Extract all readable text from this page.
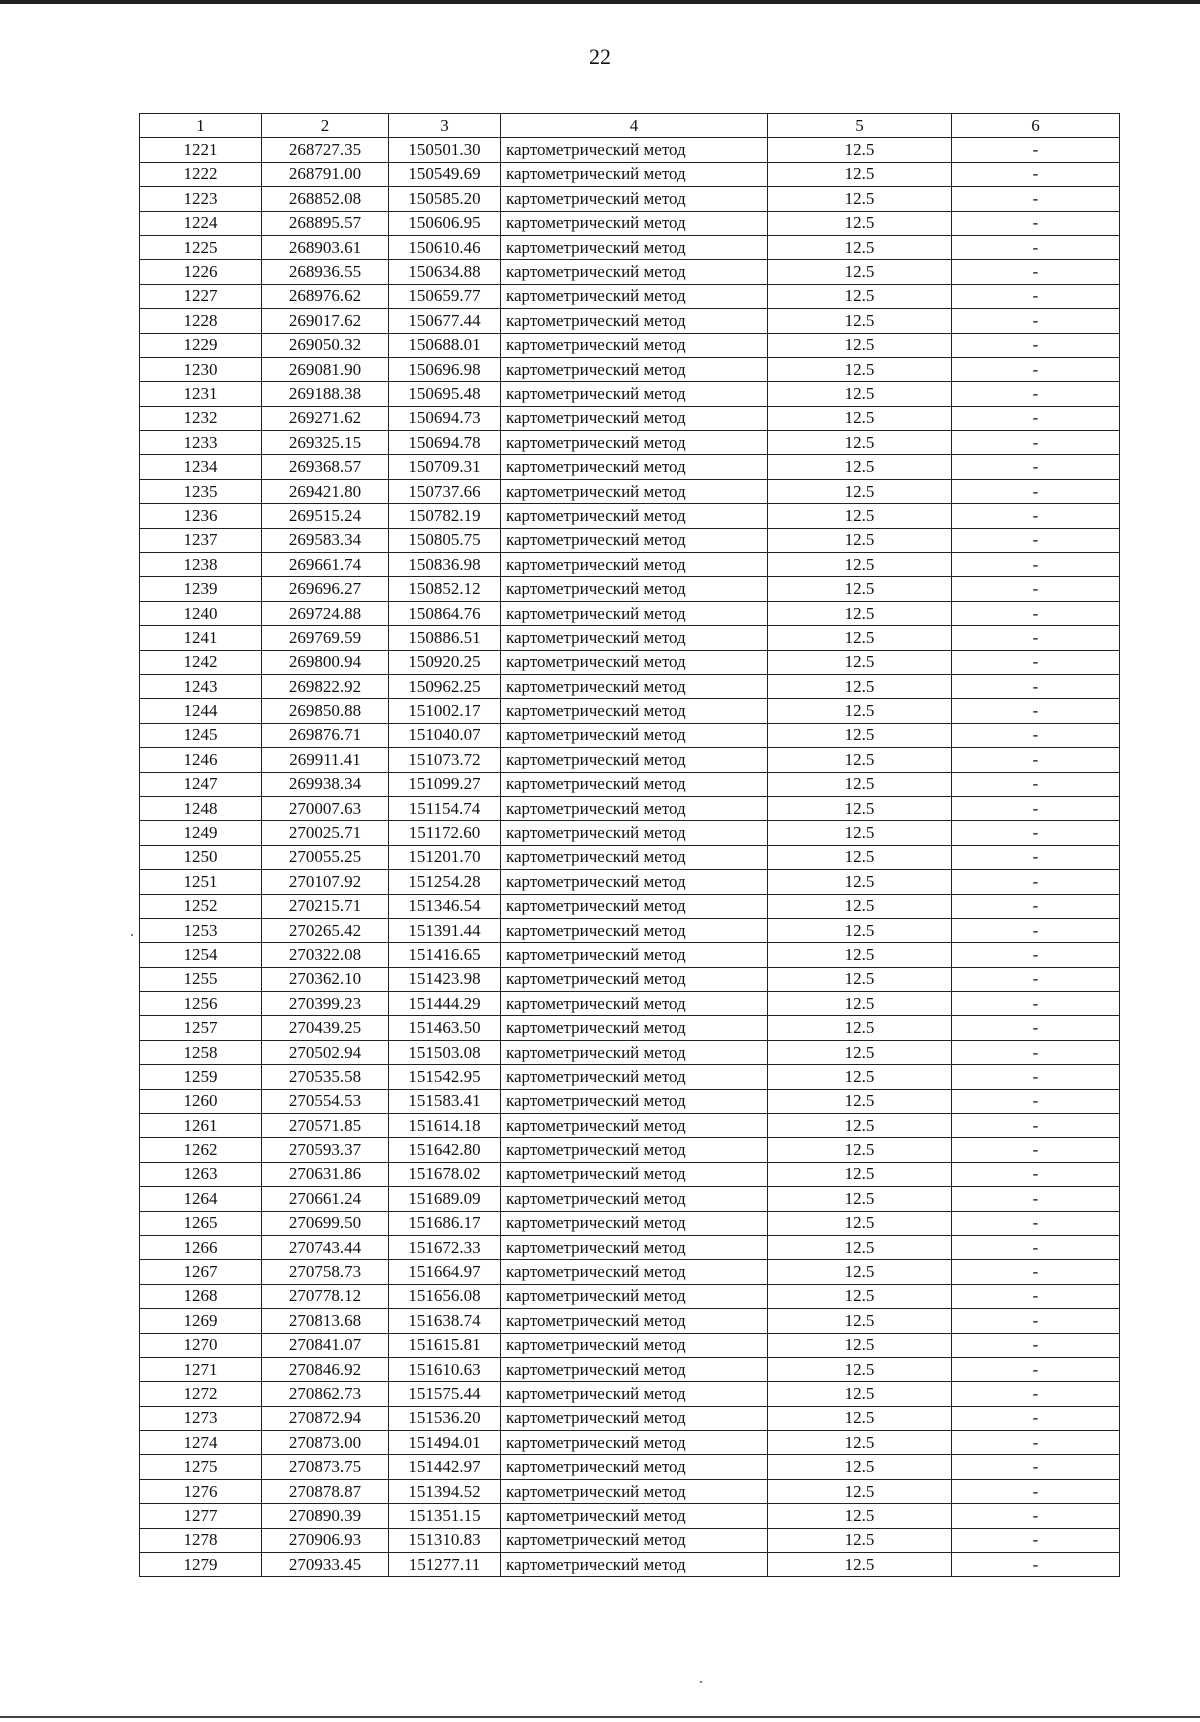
22
1	2	3	4	5	6
1221	268727.35	150501.30	картометрический метод	12.5	-
1222	268791.00	150549.69	картометрический метод	12.5	-
1223	268852.08	150585.20	картометрический метод	12.5	-
1224	268895.57	150606.95	картометрический метод	12.5	-
1225	268903.61	150610.46	картометрический метод	12.5	-
1226	268936.55	150634.88	картометрический метод	12.5	-
1227	268976.62	150659.77	картометрический метод	12.5	-
1228	269017.62	150677.44	картометрический метод	12.5	-
1229	269050.32	150688.01	картометрический метод	12.5	-
1230	269081.90	150696.98	картометрический метод	12.5	-
1231	269188.38	150695.48	картометрический метод	12.5	-
1232	269271.62	150694.73	картометрический метод	12.5	-
1233	269325.15	150694.78	картометрический метод	12.5	-
1234	269368.57	150709.31	картометрический метод	12.5	-
1235	269421.80	150737.66	картометрический метод	12.5	-
1236	269515.24	150782.19	картометрический метод	12.5	-
1237	269583.34	150805.75	картометрический метод	12.5	-
1238	269661.74	150836.98	картометрический метод	12.5	-
1239	269696.27	150852.12	картометрический метод	12.5	-
1240	269724.88	150864.76	картометрический метод	12.5	-
1241	269769.59	150886.51	картометрический метод	12.5	-
1242	269800.94	150920.25	картометрический метод	12.5	-
1243	269822.92	150962.25	картометрический метод	12.5	-
1244	269850.88	151002.17	картометрический метод	12.5	-
1245	269876.71	151040.07	картометрический метод	12.5	-
1246	269911.41	151073.72	картометрический метод	12.5	-
1247	269938.34	151099.27	картометрический метод	12.5	-
1248	270007.63	151154.74	картометрический метод	12.5	-
1249	270025.71	151172.60	картометрический метод	12.5	-
1250	270055.25	151201.70	картометрический метод	12.5	-
1251	270107.92	151254.28	картометрический метод	12.5	-
1252	270215.71	151346.54	картометрический метод	12.5	-
1253	270265.42	151391.44	картометрический метод	12.5	-
1254	270322.08	151416.65	картометрический метод	12.5	-
1255	270362.10	151423.98	картометрический метод	12.5	-
1256	270399.23	151444.29	картометрический метод	12.5	-
1257	270439.25	151463.50	картометрический метод	12.5	-
1258	270502.94	151503.08	картометрический метод	12.5	-
1259	270535.58	151542.95	картометрический метод	12.5	-
1260	270554.53	151583.41	картометрический метод	12.5	-
1261	270571.85	151614.18	картометрический метод	12.5	-
1262	270593.37	151642.80	картометрический метод	12.5	-
1263	270631.86	151678.02	картометрический метод	12.5	-
1264	270661.24	151689.09	картометрический метод	12.5	-
1265	270699.50	151686.17	картометрический метод	12.5	-
1266	270743.44	151672.33	картометрический метод	12.5	-
1267	270758.73	151664.97	картометрический метод	12.5	-
1268	270778.12	151656.08	картометрический метод	12.5	-
1269	270813.68	151638.74	картометрический метод	12.5	-
1270	270841.07	151615.81	картометрический метод	12.5	-
1271	270846.92	151610.63	картометрический метод	12.5	-
1272	270862.73	151575.44	картометрический метод	12.5	-
1273	270872.94	151536.20	картометрический метод	12.5	-
1274	270873.00	151494.01	картометрический метод	12.5	-
1275	270873.75	151442.97	картометрический метод	12.5	-
1276	270878.87	151394.52	картометрический метод	12.5	-
1277	270890.39	151351.15	картометрический метод	12.5	-
1278	270906.93	151310.83	картометрический метод	12.5	-
1279	270933.45	151277.11	картометрический метод	12.5	-
